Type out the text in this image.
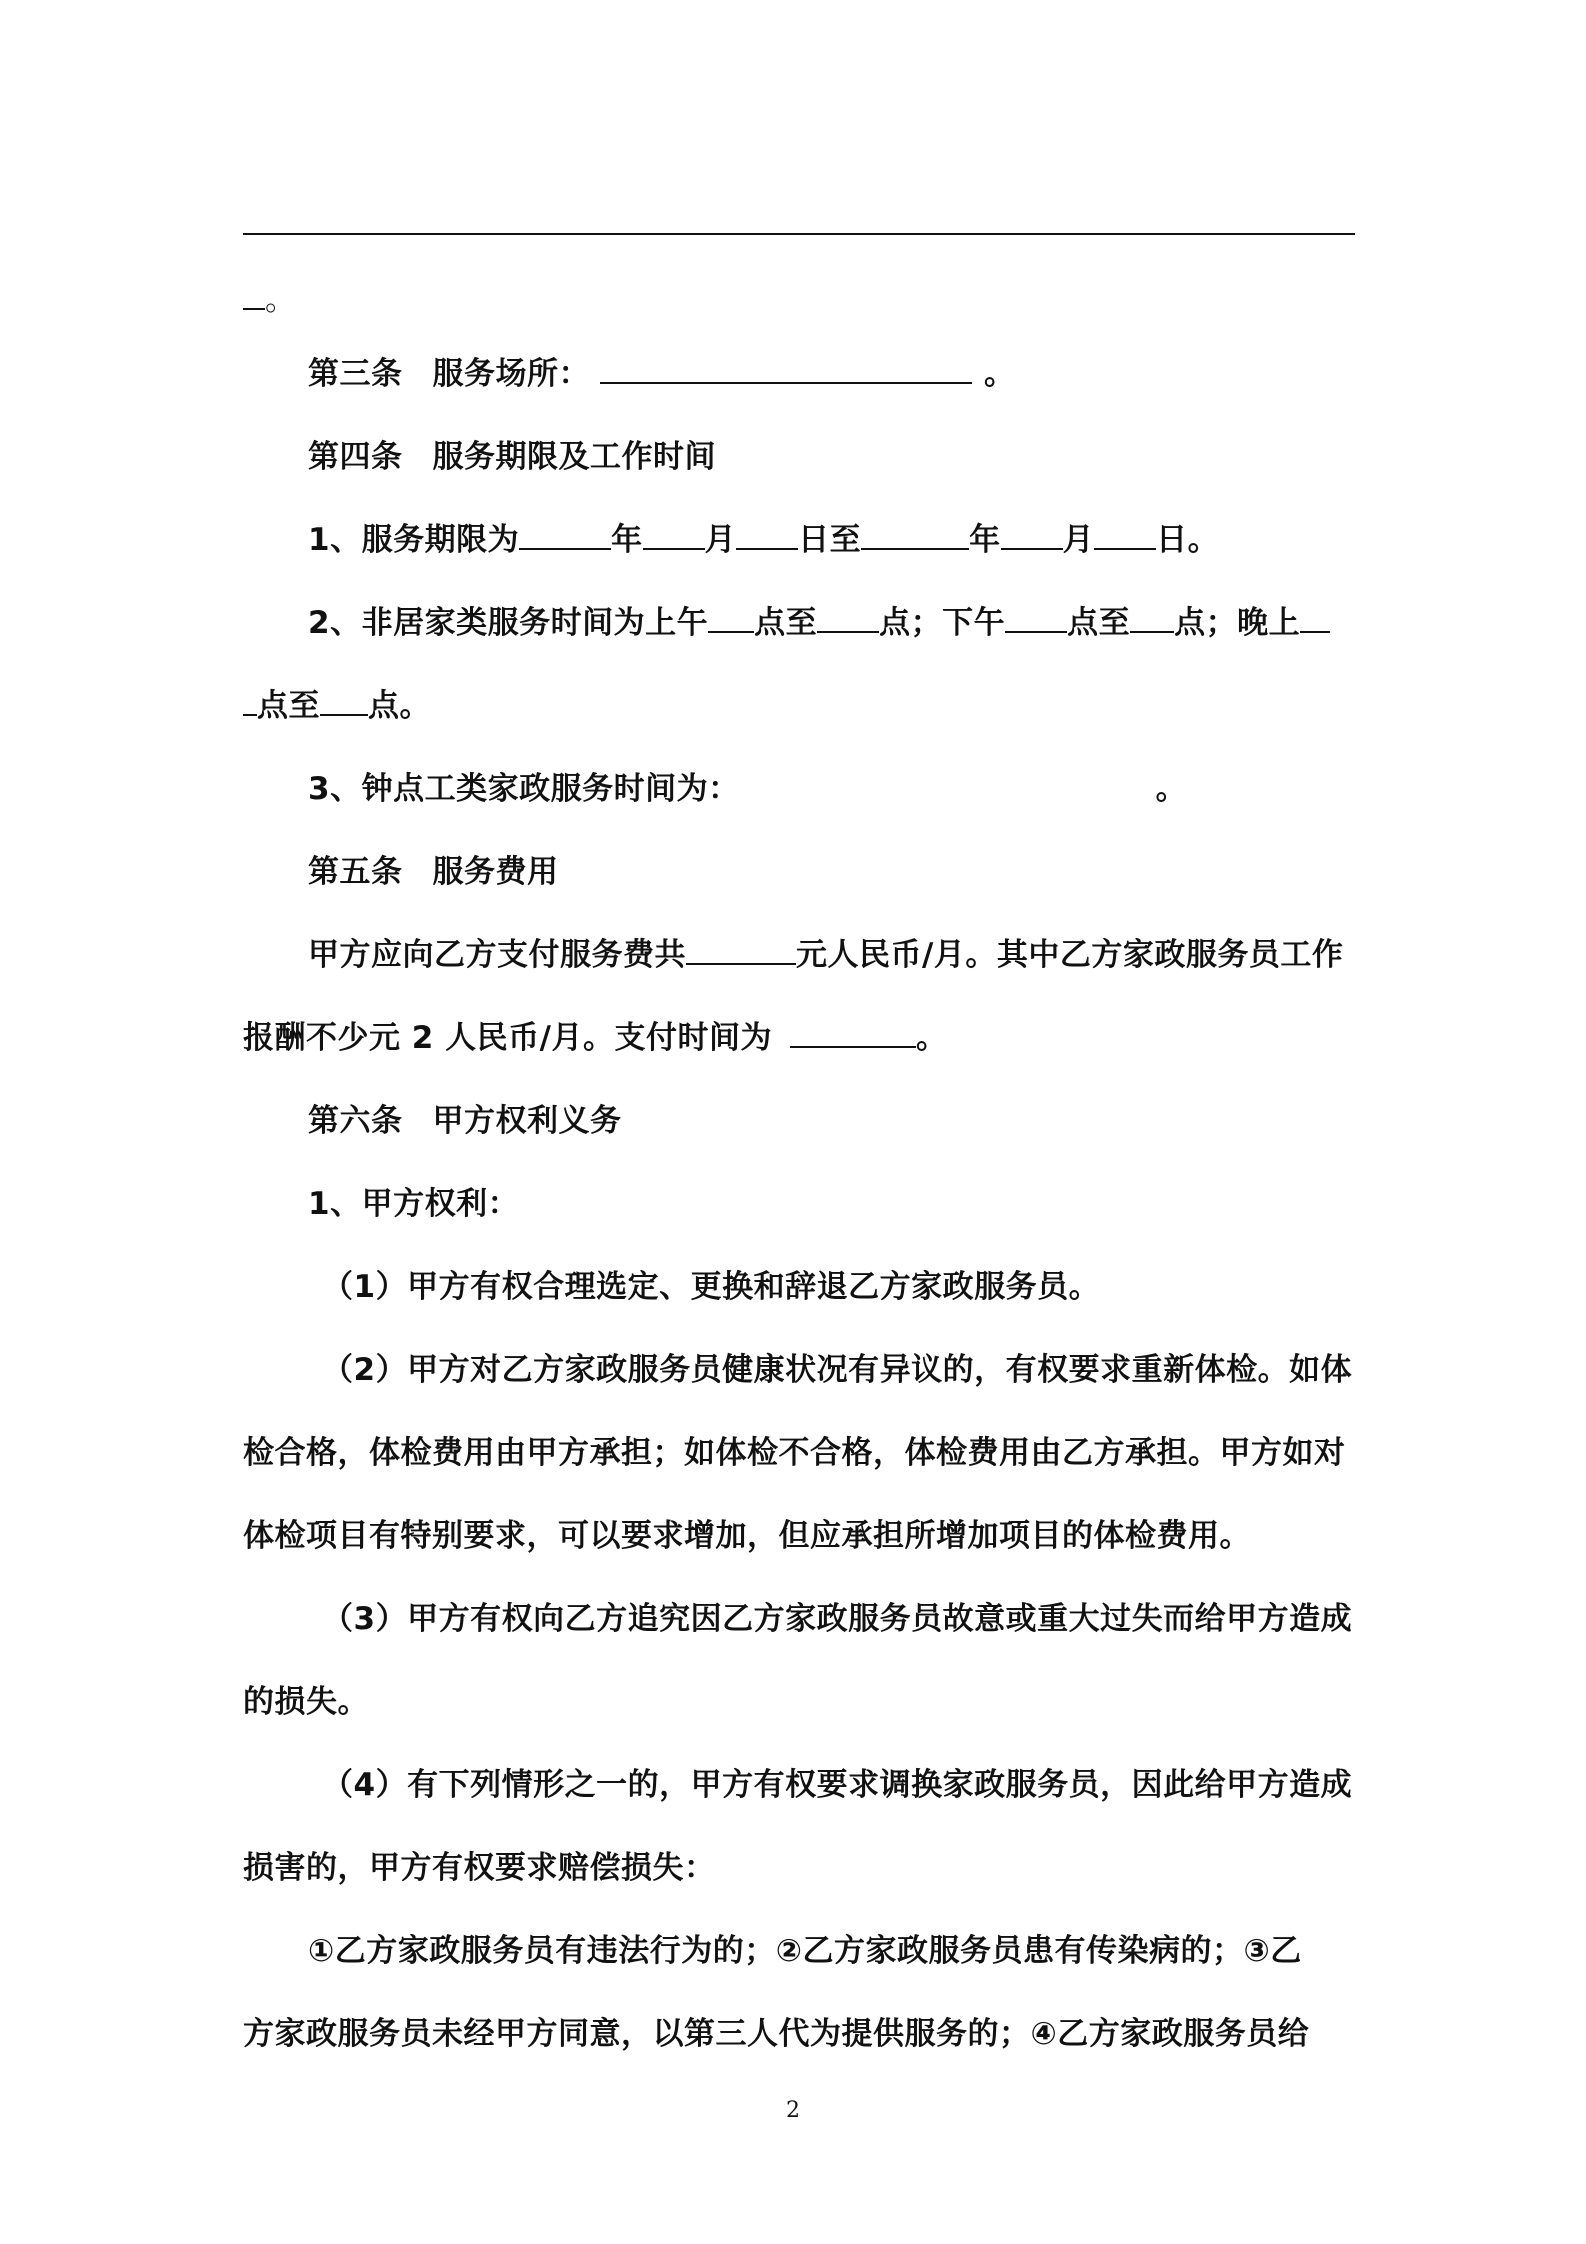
。
第三条 服务场所：	。
第四条 服务期限及工作时间
1、服务期限为	年 月 日至	年 月 日。
2、非居家类服务时间为上午 点至 点；下午 点至 点；晚上
点至 点。
3、钟点工类家政服务时间为：	。
第五条 服务费用
甲方应向乙方支付服务费共	元人民币/月。其中乙方家政服务员工作
报酬不少元 2 人民币/月。支付时间为	。
第六条 甲方权利义务
1、甲方权利：
（1）甲方有权合理选定、更换和辞退乙方家政服务员。
（2）甲方对乙方家政服务员健康状况有异议的，有权要求重新体检。如体
检合格，体检费用由甲方承担；如体检不合格，体检费用由乙方承担。甲方如对
体检项目有特别要求，可以要求增加，但应承担所增加项目的体检费用。
（3）甲方有权向乙方追究因乙方家政服务员故意或重大过失而给甲方造成
的损失。
（4）有下列情形之一的，甲方有权要求调换家政服务员，因此给甲方造成
损害的，甲方有权要求赔偿损失：
①乙方家政服务员有违法行为的；②乙方家政服务员患有传染病的；③乙
方家政服务员未经甲方同意，以第三人代为提供服务的；④乙方家政服务员给
2
